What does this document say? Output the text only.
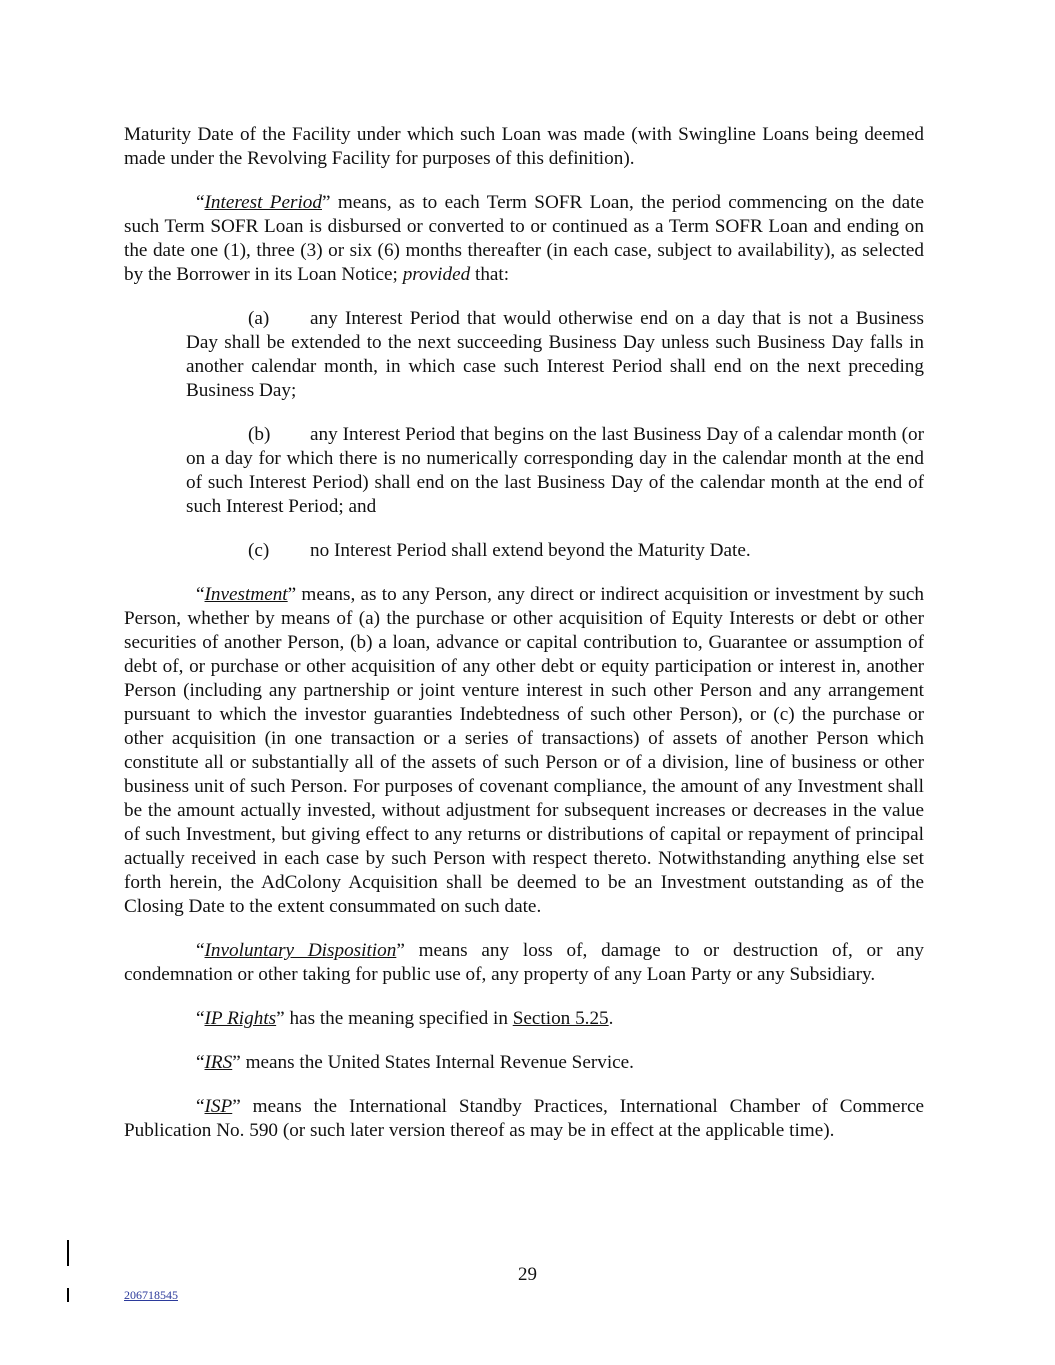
Maturity Date of the Facility under which such Loan was made (with Swingline Loans being deemed made under the Revolving Facility for purposes of this definition).

“Interest Period” means, as to each Term SOFR Loan, the period commencing on the date such Term SOFR Loan is disbursed or converted to or continued as a Term SOFR Loan and ending on the date one (1), three (3) or six (6) months thereafter (in each case, subject to availability), as selected by the Borrower in its Loan Notice; provided that:

(a) any Interest Period that would otherwise end on a day that is not a Business Day shall be extended to the next succeeding Business Day unless such Business Day falls in another calendar month, in which case such Interest Period shall end on the next preceding Business Day;

(b) any Interest Period that begins on the last Business Day of a calendar month (or on a day for which there is no numerically corresponding day in the calendar month at the end of such Interest Period) shall end on the last Business Day of the calendar month at the end of such Interest Period; and

(c) no Interest Period shall extend beyond the Maturity Date.

“Investment” means, as to any Person, any direct or indirect acquisition or investment by such Person, whether by means of (a) the purchase or other acquisition of Equity Interests or debt or other securities of another Person, (b) a loan, advance or capital contribution to, Guarantee or assumption of debt of, or purchase or other acquisition of any other debt or equity participation or interest in, another Person (including any partnership or joint venture interest in such other Person and any arrangement pursuant to which the investor guaranties Indebtedness of such other Person), or (c) the purchase or other acquisition (in one transaction or a series of transactions) of assets of another Person which constitute all or substantially all of the assets of such Person or of a division, line of business or other business unit of such Person. For purposes of covenant compliance, the amount of any Investment shall be the amount actually invested, without adjustment for subsequent increases or decreases in the value of such Investment, but giving effect to any returns or distributions of capital or repayment of principal actually received in each case by such Person with respect thereto. Notwithstanding anything else set forth herein, the AdColony Acquisition shall be deemed to be an Investment outstanding as of the Closing Date to the extent consummated on such date.

“Involuntary Disposition” means any loss of, damage to or destruction of, or any condemnation or other taking for public use of, any property of any Loan Party or any Subsidiary.

“IP Rights” has the meaning specified in Section 5.25.

“IRS” means the United States Internal Revenue Service.

“ISP” means the International Standby Practices, International Chamber of Commerce Publication No. 590 (or such later version thereof as may be in effect at the applicable time).

29
206718545
